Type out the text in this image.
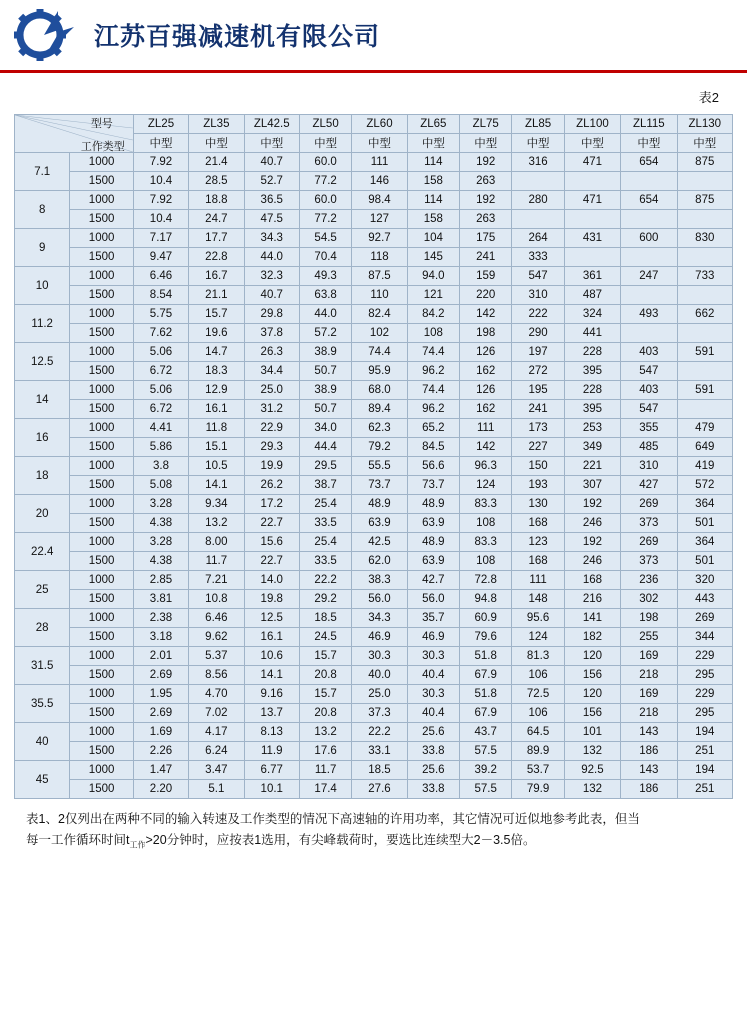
江苏百强减速机有限公司
表2
型号
工作类型		ZL25	ZL35	ZL42.5	ZL50	ZL60	ZL65	ZL75	ZL85	ZL100	ZL115	ZL130
		中型	中型	中型	中型	中型	中型	中型	中型	中型	中型	中型
7.1	1000	7.92	21.4	40.7	60.0	111	114	192	316	471	654	875
	1500	10.4	28.5	52.7	77.2	146	158	263				
8	1000	7.92	18.8	36.5	60.0	98.4	114	192	280	471	654	875
	1500	10.4	24.7	47.5	77.2	127	158	263				
9	1000	7.17	17.7	34.3	54.5	92.7	104	175	264	431	600	830
	1500	9.47	22.8	44.0	70.4	118	145	241	333			
10	1000	6.46	16.7	32.3	49.3	87.5	94.0	159	547	361	247	733
	1500	8.54	21.1	40.7	63.8	110	121	220	310	487		
11.2	1000	5.75	15.7	29.8	44.0	82.4	84.2	142	222	324	493	662
	1500	7.62	19.6	37.8	57.2	102	108	198	290	441		
12.5	1000	5.06	14.7	26.3	38.9	74.4	74.4	126	197	228	403	591
	1500	6.72	18.3	34.4	50.7	95.9	96.2	162	272	395	547	
14	1000	5.06	12.9	25.0	38.9	68.0	74.4	126	195	228	403	591
	1500	6.72	16.1	31.2	50.7	89.4	96.2	162	241	395	547	
16	1000	4.41	11.8	22.9	34.0	62.3	65.2	111	173	253	355	479
	1500	5.86	15.1	29.3	44.4	79.2	84.5	142	227	349	485	649
18	1000	3.8	10.5	19.9	29.5	55.5	56.6	96.3	150	221	310	419
	1500	5.08	14.1	26.2	38.7	73.7	73.7	124	193	307	427	572
20	1000	3.28	9.34	17.2	25.4	48.9	48.9	83.3	130	192	269	364
	1500	4.38	13.2	22.7	33.5	63.9	63.9	108	168	246	373	501
22.4	1000	3.28	8.00	15.6	25.4	42.5	48.9	83.3	123	192	269	364
	1500	4.38	11.7	22.7	33.5	62.0	63.9	108	168	246	373	501
25	1000	2.85	7.21	14.0	22.2	38.3	42.7	72.8	111	168	236	320
	1500	3.81	10.8	19.8	29.2	56.0	56.0	94.8	148	216	302	443
28	1000	2.38	6.46	12.5	18.5	34.3	35.7	60.9	95.6	141	198	269
	1500	3.18	9.62	16.1	24.5	46.9	46.9	79.6	124	182	255	344
31.5	1000	2.01	5.37	10.6	15.7	30.3	30.3	51.8	81.3	120	169	229
	1500	2.69	8.56	14.1	20.8	40.0	40.4	67.9	106	156	218	295
35.5	1000	1.95	4.70	9.16	15.7	25.0	30.3	51.8	72.5	120	169	229
	1500	2.69	7.02	13.7	20.8	37.3	40.4	67.9	106	156	218	295
40	1000	1.69	4.17	8.13	13.2	22.2	25.6	43.7	64.5	101	143	194
	1500	2.26	6.24	11.9	17.6	33.1	33.8	57.5	89.9	132	186	251
45	1000	1.47	3.47	6.77	11.7	18.5	25.6	39.2	53.7	92.5	143	194
	1500	2.20	5.1	10.1	17.4	27.6	33.8	57.5	79.9	132	186	251
表1、2仅列出在两种不同的输入转速及工作类型的情况下高速轴的许用功率，其它情况可近似地参考此表，但当
每一工作循环时间$t_{工作}>20$分钟时，应按表1选用，有尖峰载荷时，要选比连续型大2－3.5倍。
